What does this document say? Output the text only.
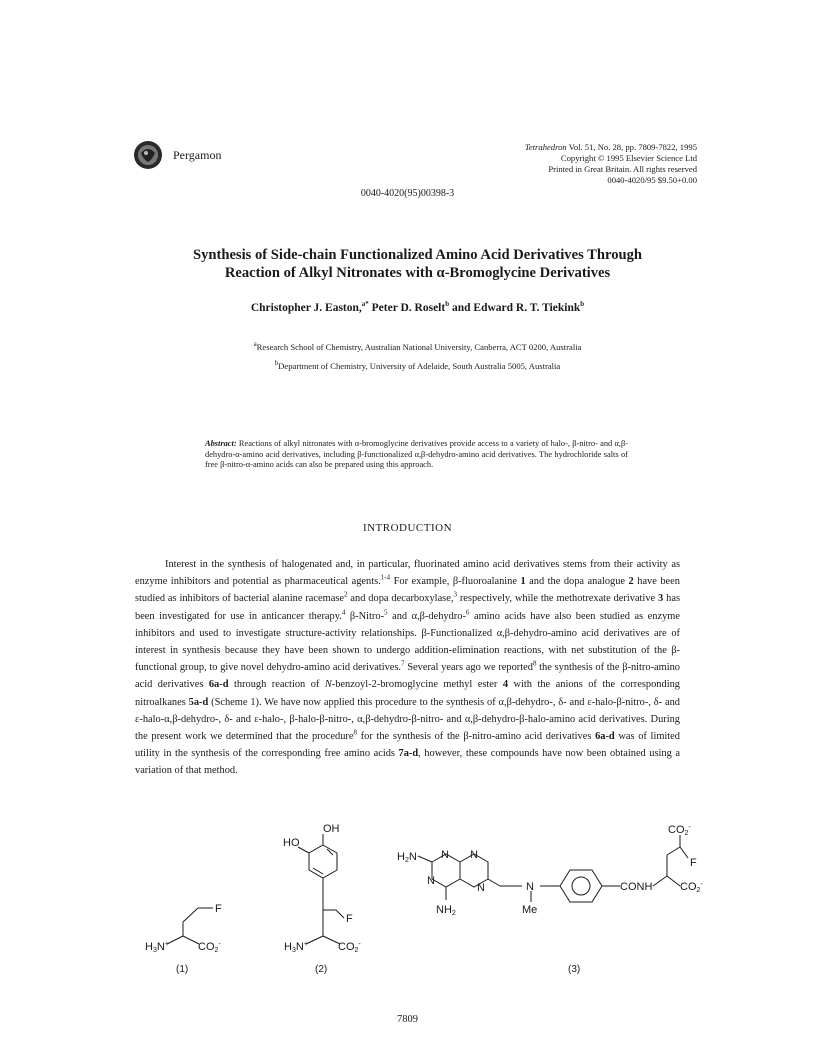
Pergamon
Tetrahedron Vol. 51, No. 28, pp. 7809-7822, 1995
Copyright © 1995 Elsevier Science Ltd
Printed in Great Britain. All rights reserved
0040-4020/95 $9.50+0.00
0040-4020(95)00398-3
Synthesis of Side-chain Functionalized Amino Acid Derivatives Through
Reaction of Alkyl Nitronates with α-Bromoglycine Derivatives
Christopher J. Easton,$^{a*}$ Peter D. Roselt$^b$ and Edward R. T. Tiekink$^b$
$^a$Research School of Chemistry, Australian National University, Canberra, ACT 0200, Australia
$^b$Department of Chemistry, University of Adelaide, South Australia 5005, Australia
Abstract: Reactions of alkyl nitronates with α-bromoglycine derivatives provide access to a variety of halo-, β-nitro- and α,β-dehydro-α-amino acid derivatives, including β-functionalized α,β-dehydro-amino acid derivatives. The hydrochloride salts of free β-nitro-α-amino acids can also be prepared using this approach.
INTRODUCTION
Interest in the synthesis of halogenated and, in particular, fluorinated amino acid derivatives stems from their activity as enzyme inhibitors and potential as pharmaceutical agents.$^{1-4}$ For example, β-fluoroalanine 1 and the dopa analogue 2 have been studied as inhibitors of bacterial alanine racemase$^2$ and dopa decarboxylase,$^3$ respectively, while the methotrexate derivative 3 has been investigated for use in anticancer therapy.$^4$ β-Nitro-$^5$ and α,β-dehydro-$^6$ amino acids have also been studied as enzyme inhibitors and used to investigate structure-activity relationships. β-Functionalized α,β-dehydro-amino acid derivatives are of interest in synthesis because they have been shown to undergo addition-elimination reactions, with net substitution of the β-functional group, to give novel dehydro-amino acid derivatives.$^7$ Several years ago we reported$^8$ the synthesis of the β-nitro-amino acid derivatives 6a-d through reaction of N-benzoyl-2-bromoglycine methyl ester 4 with the anions of the corresponding nitroalkanes 5a-d (Scheme 1). We have now applied this procedure to the synthesis of α,β-dehydro-, δ- and ε-halo-β-nitro-, δ- and ε-halo-α,β-dehydro-, δ- and ε-halo-, β-halo-β-nitro-, α,β-dehydro-β-nitro- and α,β-dehydro-β-halo-amino acid derivatives. During the present work we determined that the procedure$^8$ for the synthesis of the β-nitro-amino acid derivatives 6a-d was of limited utility in the synthesis of the corresponding free amino acids 7a-d, however, these compounds have now been obtained using a variation of that method.
F
H3N+	CO2-
(1)
OH
HO
F
H3N+	CO2-
(2)
H2N N N
N
N
NH2
N
Me
CONH
CO2-
F
CO2-
(3)
7809
